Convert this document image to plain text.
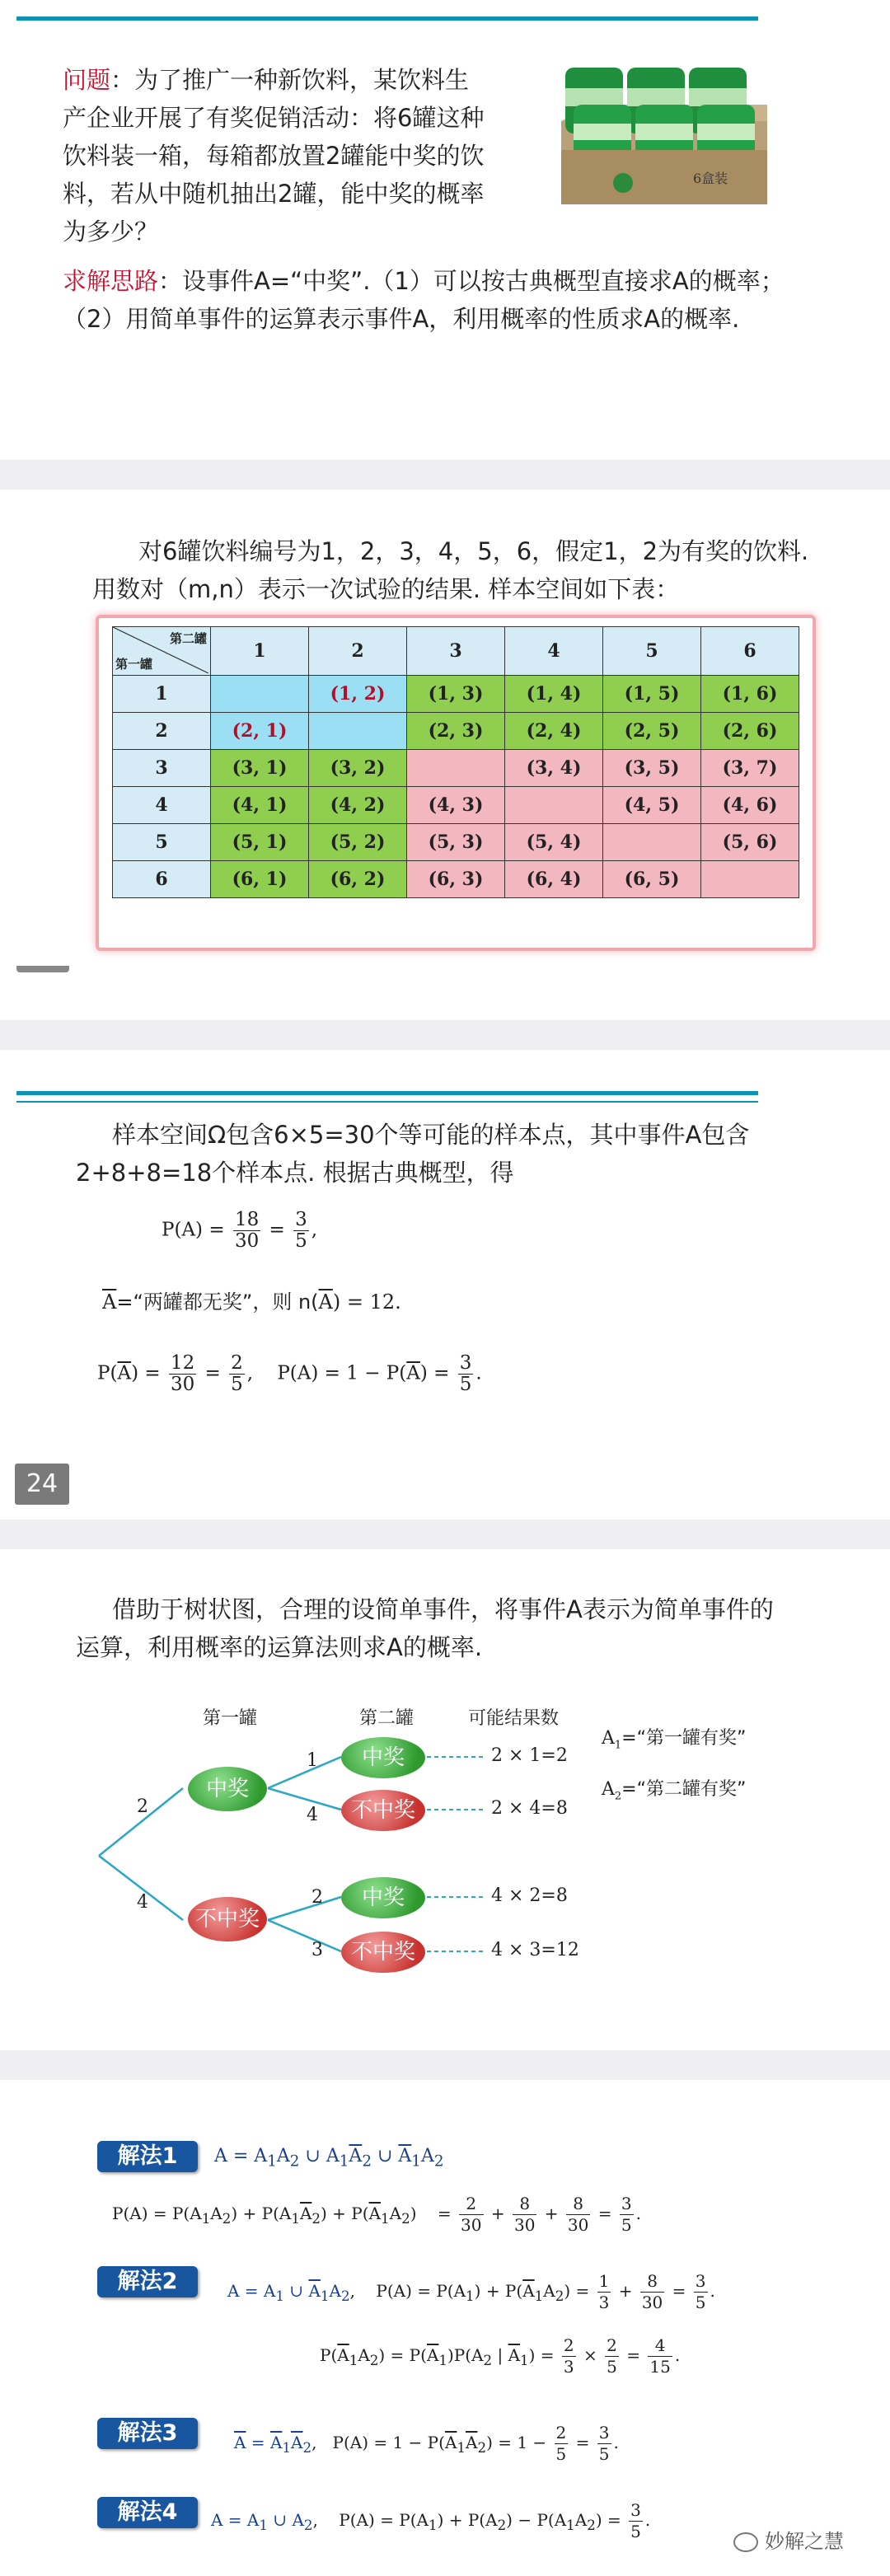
问题：为了推广一种新饮料，某饮料生
产企业开展了有奖促销活动：将6罐这种
饮料装一箱，每箱都放置2罐能中奖的饮
料，若从中随机抽出2罐，能中奖的概率
为多少？
6盒装
求解思路：设事件A=“中奖”.（1）可以按古典概型直接求A的概率；
（2）用简单事件的运算表示事件A，利用概率的性质求A的概率.
对6罐饮料编号为1，2，3，4，5，6，假定1，2为有奖的饮料.
用数对（m,n）表示一次试验的结果. 样本空间如下表：
第二罐
第一罐	1	2	3	4	5	6
1		(1, 2)	(1, 3)	(1, 4)	(1, 5)	(1, 6)
2	(2, 1)		(2, 3)	(2, 4)	(2, 5)	(2, 6)
3	(3, 1)	(3, 2)		(3, 4)	(3, 5)	(3, 7)
4	(4, 1)	(4, 2)	(4, 3)		(4, 5)	(4, 6)
5	(5, 1)	(5, 2)	(5, 3)	(5, 4)		(5, 6)
6	(6, 1)	(6, 2)	(6, 3)	(6, 4)	(6, 5)	
样本空间Ω包含6×5=30个等可能的样本点，其中事件A包含
2+8+8=18个样本点. 根据古典概型，得
$P(A) = \frac{18}{30} = \frac{3}{5}$ ,
$\overline{A}=“$两罐都无奖”，则 $n(\overline{A}) = 12$.
$P(\overline{A}) = \frac{12}{30} = \frac{2}{5}$ ,    $P(A) = 1 - P(\overline{A}) = \frac{3}{5}$ .
24
借助于树状图，合理的设简单事件，将事件A表示为简单事件的
运算，利用概率的运算法则求A的概率.
第一罐	第二罐	可能结果数
中奖
不中奖
中奖
不中奖
中奖
不中奖
2
4
1
4
2
3
2 × 1=2
2 × 4=8
4 × 2=8
4 × 3=12
$A_1=“$第一罐有奖”
$A_2=“$第二罐有奖”
解法1	$A = A_1A_2$ ∪ $A_1\overline{A}_2$ ∪ $\overline{A}_1A_2$
$P(A) = P(A_1A_2) + P(A_1\overline{A}_2) + P(\overline{A}_1A_2)$    = $\frac{2}{30} + \frac{8}{30} + \frac{8}{30} = \frac{3}{5}$ .
解法2	$A = A_1$ ∪ $\overline{A}_1A_2$,    $P(A) = P(A_1) + P(\overline{A}_1A_2) = \frac{1}{3} + \frac{8}{30} = \frac{3}{5}$ .
$P(\overline{A}_1A_2) = P(\overline{A}_1)P(A_2$ | $\overline{A}_1) = \frac{2}{3} \times \frac{2}{5} = \frac{4}{15}$ .
解法3	$\overline{A} = \overline{A}_1\overline{A}_2$,   $P(A) = 1 - P(\overline{A}_1\overline{A}_2) = 1 - \frac{2}{5} = \frac{3}{5}$ .
解法4	$A = A_1$ ∪ $A_2$,    $P(A) = P(A_1) + P(A_2) - P(A_1A_2) = \frac{3}{5}$ .
妙解之慧
